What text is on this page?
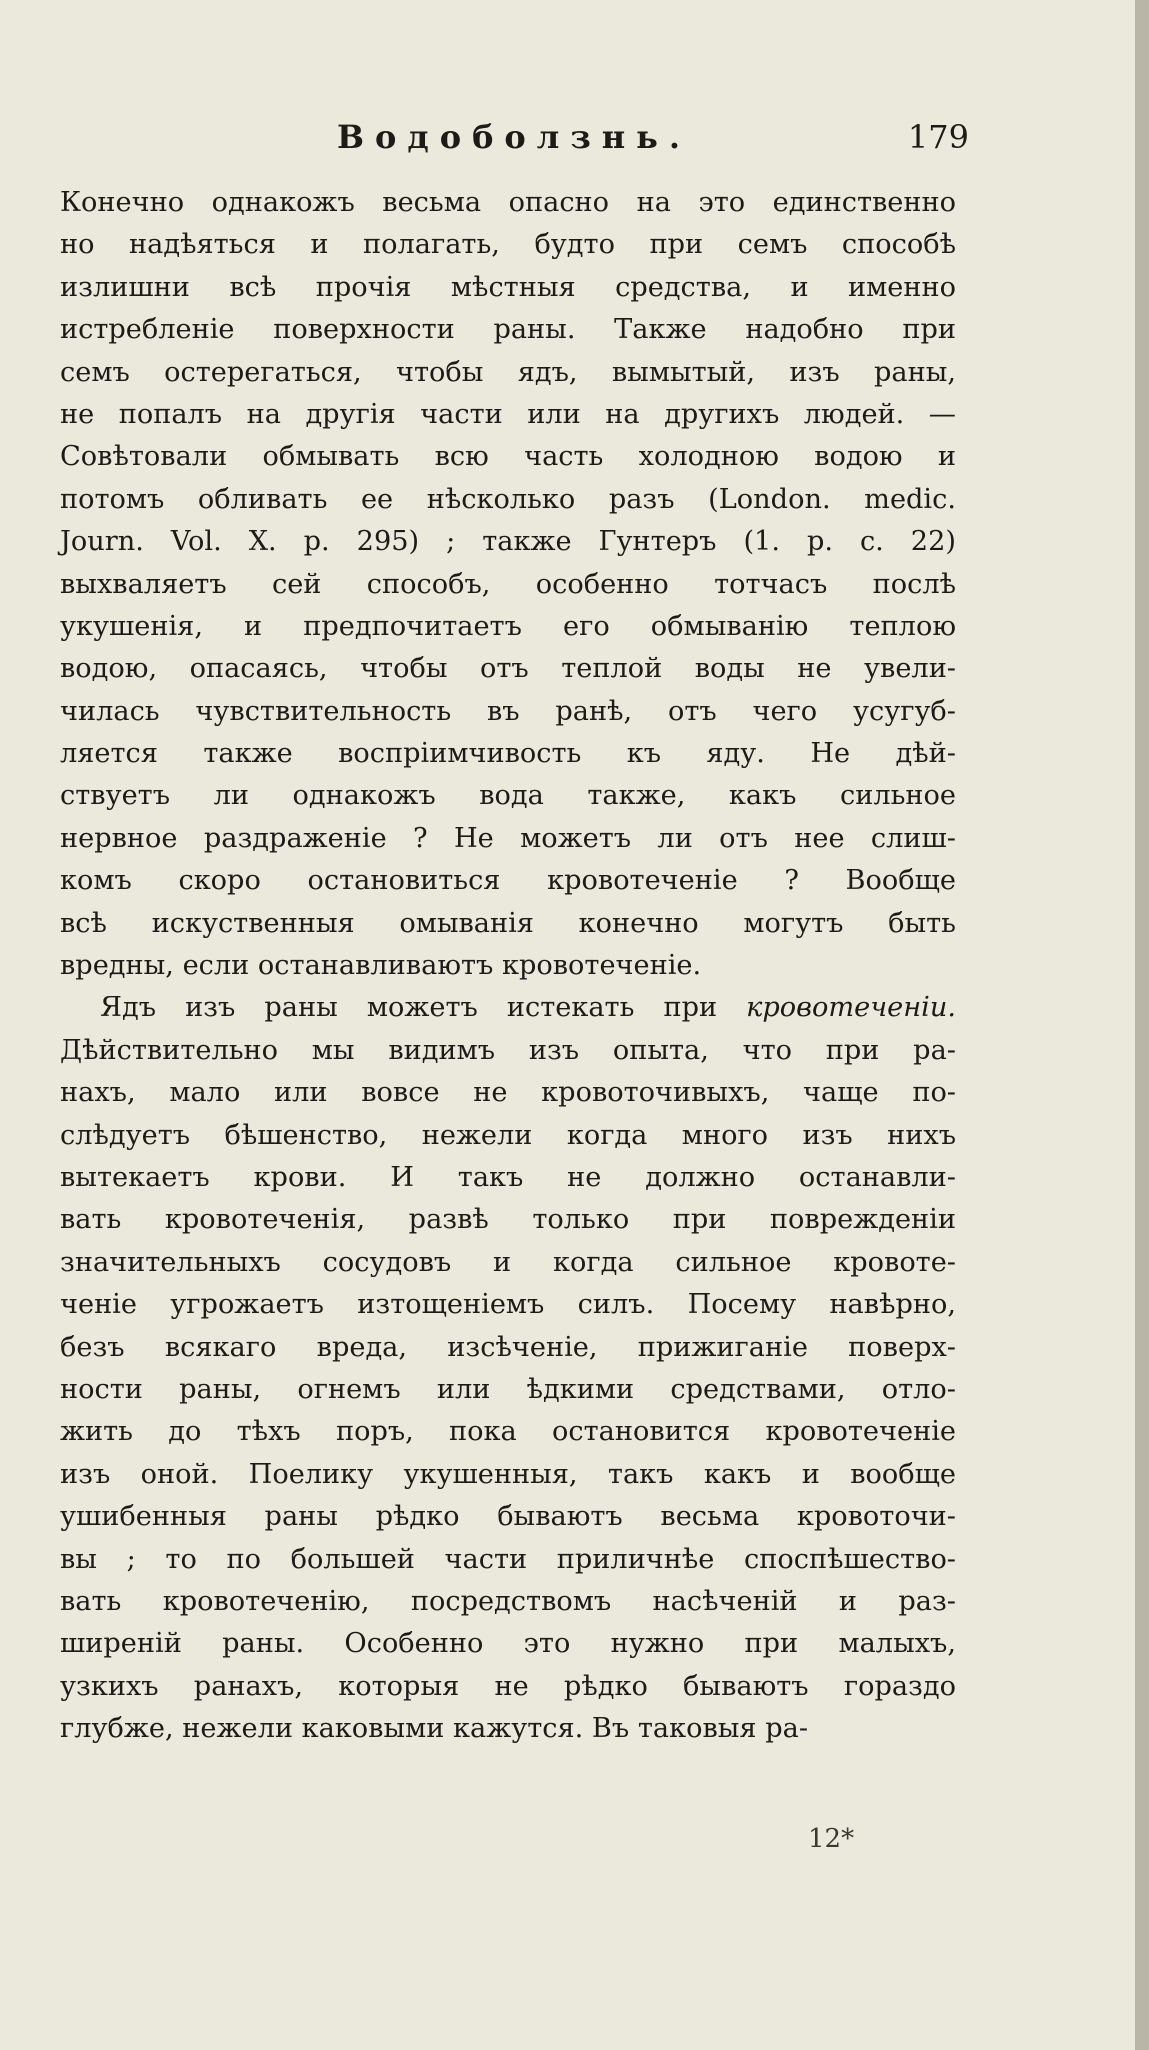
Водоболзнь.	179
Конечно однакожъ весьма опасно на это единственно
но надѣяться и полагать, будто при семъ способѣ
излишни всѣ прочія мѣстныя средства, и именно
истребленіе поверхности раны. Также надобно при
семъ остерегаться, чтобы ядъ, вымытый, изъ раны,
не попалъ на другія части или на другихъ людей. —
Совѣтовали обмывать всю часть холодною водою и
потомъ обливать ее нѣсколько разъ (London. medic.
Journ. Vol. X. p. 295) ; также Гунтеръ (1. p. c. 22)
выхваляетъ сей способъ, особенно тотчасъ послѣ
укушенія, и предпочитаетъ его обмыванію теплою
водою, опасаясь, чтобы отъ теплой воды не увели-
чилась чувствительность въ ранѣ, отъ чего усугуб-
ляется также воспріимчивость къ яду. Не дѣй-
ствуетъ ли однакожъ вода также, какъ сильное
нервное раздраженіе ? Не можетъ ли отъ нее слиш-
комъ скоро остановиться кровотеченіе ? Вообще
всѣ искуственныя омыванія конечно могутъ быть
вредны, если останавливаютъ кровотеченіе.
Ядъ изъ раны можетъ истекать при кровотеченіи.
Дѣйствительно мы видимъ изъ опыта, что при ра-
нахъ, мало или вовсе не кровоточивыхъ, чаще по-
слѣдуетъ бѣшенство, нежели когда много изъ нихъ
вытекаетъ крови. И такъ не должно останавли-
вать кровотеченія, развѣ только при поврежденіи
значительныхъ сосудовъ и когда сильное кровоте-
ченіе угрожаетъ изтощеніемъ силъ. Посему навѣрно,
безъ всякаго вреда, изсѣченіе, прижиганіе поверх-
ности раны, огнемъ или ѣдкими средствами, отло-
жить до тѣхъ поръ, пока остановится кровотеченіе
изъ оной. Поелику укушенныя, такъ какъ и вообще
ушибенныя раны рѣдко бываютъ весьма кровоточи-
вы ; то по большей части приличнѣе споспѣшество-
вать кровотеченію, посредствомъ насѣченій и раз-
ширеній раны. Особенно это нужно при малыхъ,
узкихъ ранахъ, которыя не рѣдко бываютъ гораздо
глубже, нежели каковыми кажутся. Въ таковыя ра-
12*
